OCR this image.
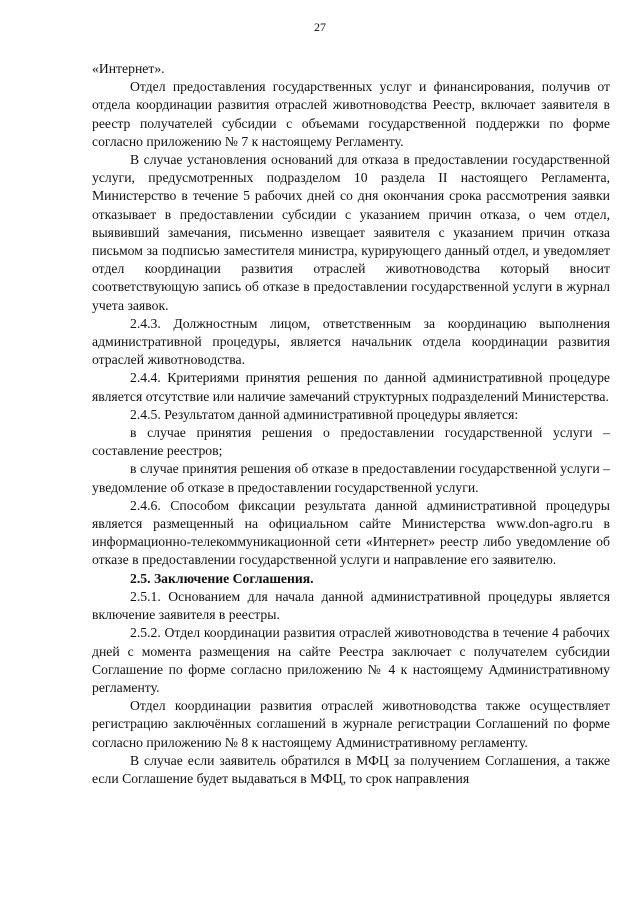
27

«Интернет».

Отдел предоставления государственных услуг и финансирования, получив от отдела координации развития отраслей животноводства Реестр, включает заявителя в реестр получателей субсидии с объемами государственной поддержки по форме согласно приложению № 7 к настоящему Регламенту.

В случае установления оснований для отказа в предоставлении государственной услуги, предусмотренных подразделом 10 раздела II настоящего Регламента, Министерство в течение 5 рабочих дней со дня окончания срока рассмотрения заявки отказывает в предоставлении субсидии с указанием причин отказа, о чем отдел, выявивший замечания, письменно извещает заявителя с указанием причин отказа письмом за подписью заместителя министра, курирующего данный отдел, и уведомляет отдел координации развития отраслей животноводства который вносит соответствующую запись об отказе в предоставлении государственной услуги в журнал учета заявок.

2.4.3. Должностным лицом, ответственным за координацию выполнения административной процедуры, является начальник отдела координации развития отраслей животноводства.

2.4.4. Критериями принятия решения по данной административной процедуре является отсутствие или наличие замечаний структурных подразделений Министерства.

2.4.5. Результатом данной административной процедуры является:

в случае принятия решения о предоставлении государственной услуги – составление реестров;

в случае принятия решения об отказе в предоставлении государственной услуги – уведомление об отказе в предоставлении государственной услуги.

2.4.6. Способом фиксации результата данной административной процедуры является размещенный на официальном сайте Министерства www.don-agro.ru в информационно-телекоммуникационной сети «Интернет» реестр либо уведомление об отказе в предоставлении государственной услуги и направление его заявителю.

2.5. Заключение Соглашения.

2.5.1. Основанием для начала данной административной процедуры является включение заявителя в реестры.

2.5.2. Отдел координации развития отраслей животноводства в течение 4 рабочих дней с момента размещения на сайте Реестра заключает с получателем субсидии Соглашение по форме согласно приложению № 4 к настоящему Административному регламенту.

Отдел координации развития отраслей животноводства также осуществляет регистрацию заключённых соглашений в журнале регистрации Соглашений по форме согласно приложению № 8 к настоящему Административному регламенту.

В случае если заявитель обратился в МФЦ за получением Соглашения, а также если Соглашение будет выдаваться в МФЦ, то срок направления
